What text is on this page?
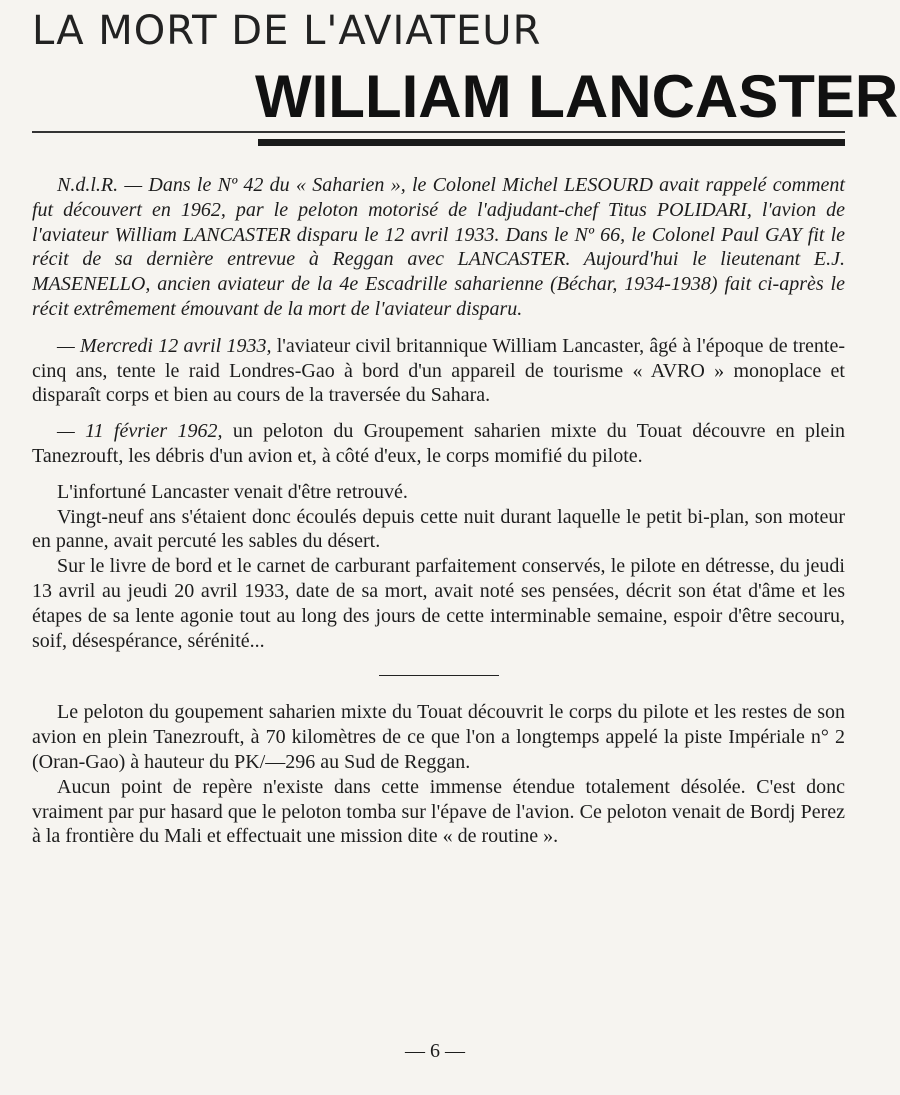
LA MORT DE L'AVIATEUR
WILLIAM LANCASTER

N.d.l.R. — Dans le Nº 42 du « Saharien », le Colonel Michel LESOURD avait rappelé comment fut découvert en 1962, par le peloton motorisé de l'adjudant-chef Titus POLIDARI, l'avion de l'aviateur William LANCASTER disparu le 12 avril 1933. Dans le Nº 66, le Colonel Paul GAY fit le récit de sa dernière entrevue à Reggan avec LANCASTER. Aujourd'hui le lieutenant E.J. MASENELLO, ancien aviateur de la 4e Escadrille saharienne (Béchar, 1934-1938) fait ci-après le récit extrêmement émouvant de la mort de l'aviateur disparu.

— Mercredi 12 avril 1933, l'aviateur civil britannique William Lancaster, âgé à l'époque de trente-cinq ans, tente le raid Londres-Gao à bord d'un appareil de tourisme « AVRO » monoplace et disparaît corps et bien au cours de la traversée du Sahara.

— 11 février 1962, un peloton du Groupement saharien mixte du Touat découvre en plein Tanezrouft, les débris d'un avion et, à côté d'eux, le corps momifié du pilote.

L'infortuné Lancaster venait d'être retrouvé.

Vingt-neuf ans s'étaient donc écoulés depuis cette nuit durant laquelle le petit bi-plan, son moteur en panne, avait percuté les sables du désert.

Sur le livre de bord et le carnet de carburant parfaitement conservés, le pilote en détresse, du jeudi 13 avril au jeudi 20 avril 1933, date de sa mort, avait noté ses pensées, décrit son état d'âme et les étapes de sa lente agonie tout au long des jours de cette interminable semaine, espoir d'être secouru, soif, désespérance, sérénité...

Le peloton du goupement saharien mixte du Touat découvrit le corps du pilote et les restes de son avion en plein Tanezrouft, à 70 kilomètres de ce que l'on a longtemps appelé la piste Impériale n° 2 (Oran-Gao) à hauteur du PK/—296 au Sud de Reggan.

Aucun point de repère n'existe dans cette immense étendue totalement désolée. C'est donc vraiment par pur hasard que le peloton tomba sur l'épave de l'avion. Ce peloton venait de Bordj Perez à la frontière du Mali et effectuait une mission dite « de routine ».

— 6 —
